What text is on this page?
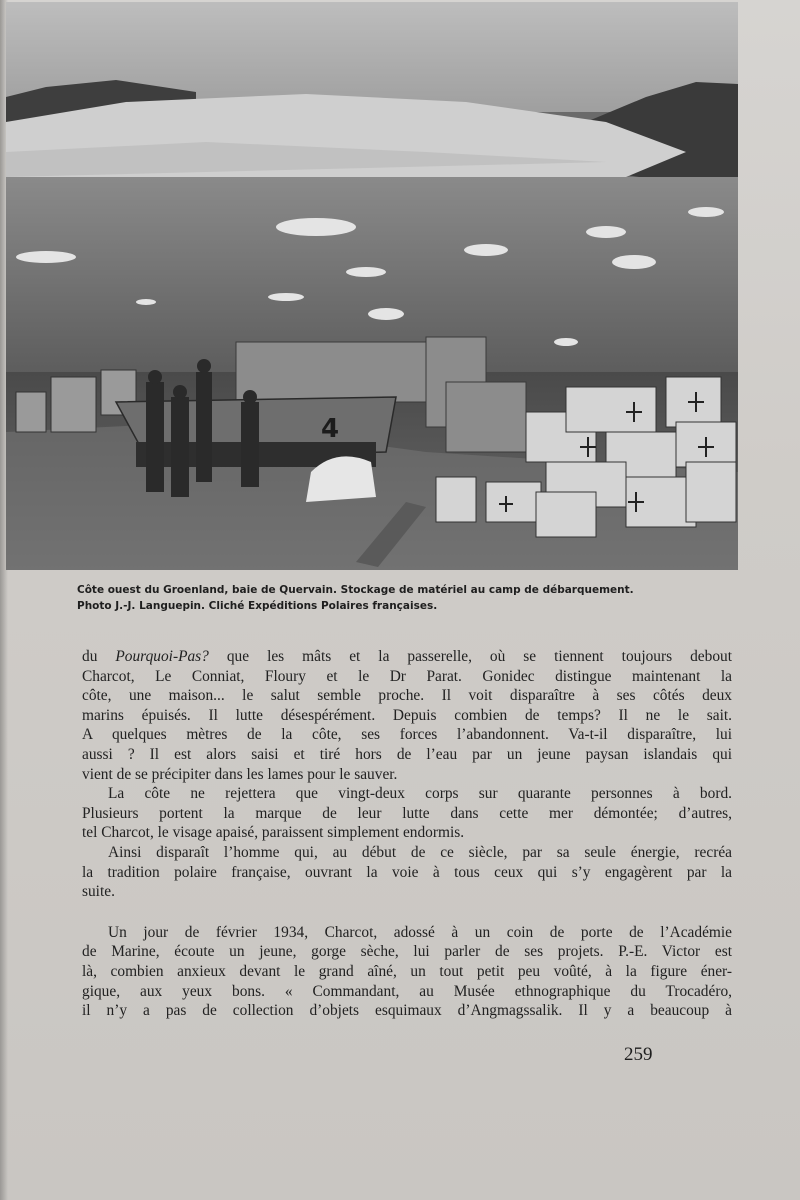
4
Côte ouest du Groenland, baie de Quervain. Stockage de matériel au camp de débarquement.
Photo J.-J. Languepin. Cliché Expéditions Polaires françaises.

du Pourquoi-Pas? que les mâts et la passerelle, où se tiennent toujours debout
Charcot, Le Conniat, Floury et le Dr Parat. Gonidec distingue maintenant la
côte, une maison... le salut semble proche. Il voit disparaître à ses côtés deux
marins épuisés. Il lutte désespérément. Depuis combien de temps? Il ne le sait.
A quelques mètres de la côte, ses forces l’abandonnent. Va-t-il disparaître, lui
aussi ? Il est alors saisi et tiré hors de l’eau par un jeune paysan islandais qui
vient de se précipiter dans les lames pour le sauver.

La côte ne rejettera que vingt-deux corps sur quarante personnes à bord.
Plusieurs portent la marque de leur lutte dans cette mer démontée; d’autres,
tel Charcot, le visage apaisé, paraissent simplement endormis.

Ainsi disparaît l’homme qui, au début de ce siècle, par sa seule énergie, recréa
la tradition polaire française, ouvrant la voie à tous ceux qui s’y engagèrent par la
suite.

Un jour de février 1934, Charcot, adossé à un coin de porte de l’Académie
de Marine, écoute un jeune, gorge sèche, lui parler de ses projets. P.-E. Victor est
là, combien anxieux devant le grand aîné, un tout petit peu voûté, à la figure éner-
gique, aux yeux bons. « Commandant, au Musée ethnographique du Trocadéro,
il n’y a pas de collection d’objets esquimaux d’Angmagssalik. Il y a beaucoup à

259
